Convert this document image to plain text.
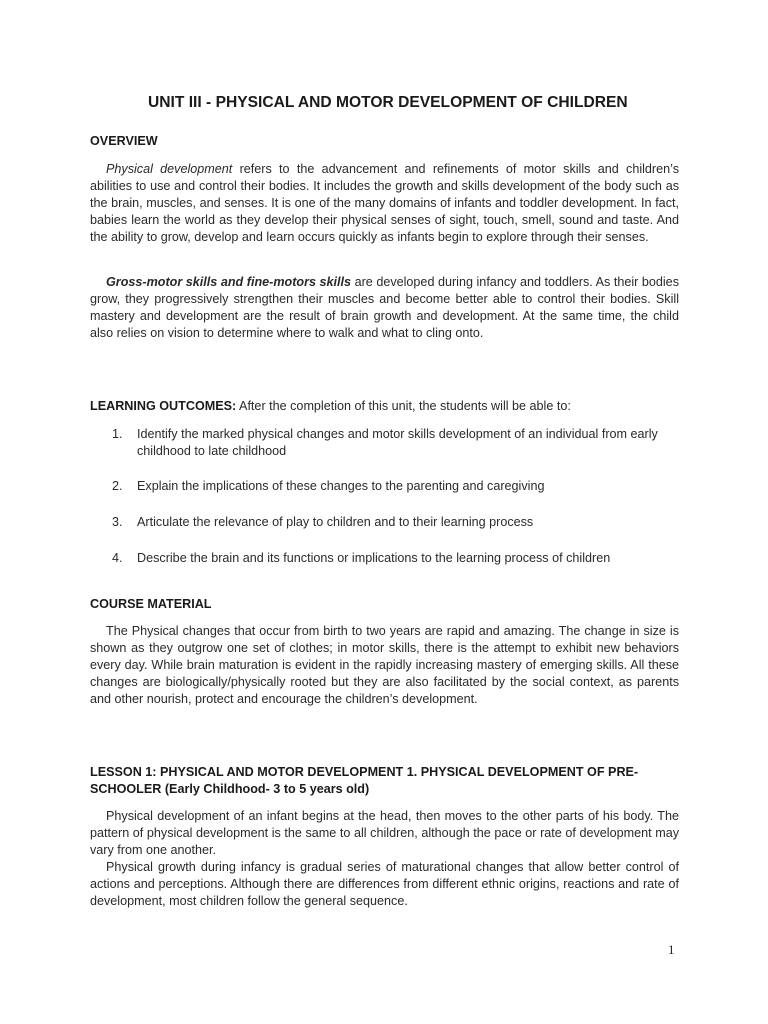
UNIT III - PHYSICAL AND MOTOR DEVELOPMENT OF CHILDREN
OVERVIEW
Physical development refers to the advancement and refinements of motor skills and children’s abilities to use and control their bodies. It includes the growth and skills development of the body such as the brain, muscles, and senses. It is one of the many domains of infants and toddler development. In fact, babies learn the world as they develop their physical senses of sight, touch, smell, sound and taste. And the ability to grow, develop and learn occurs quickly as infants begin to explore through their senses.
Gross-motor skills and fine-motors skills are developed during infancy and toddlers. As their bodies grow, they progressively strengthen their muscles and become better able to control their bodies. Skill mastery and development are the result of brain growth and development. At the same time, the child also relies on vision to determine where to walk and what to cling onto.
LEARNING OUTCOMES: After the completion of this unit, the students will be able to:
1. Identify the marked physical changes and motor skills development of an individual from early childhood to late childhood
2. Explain the implications of these changes to the parenting and caregiving
3. Articulate the relevance of play to children and to their learning process
4. Describe the brain and its functions or implications to the learning process of children
COURSE MATERIAL
The Physical changes that occur from birth to two years are rapid and amazing. The change in size is shown as they outgrow one set of clothes; in motor skills, there is the attempt to exhibit new behaviors every day. While brain maturation is evident in the rapidly increasing mastery of emerging skills. All these changes are biologically/physically rooted but they are also facilitated by the social context, as parents and other nourish, protect and encourage the children’s development.
LESSON 1: PHYSICAL AND MOTOR DEVELOPMENT 1. PHYSICAL DEVELOPMENT OF PRE-SCHOOLER (Early Childhood- 3 to 5 years old)
Physical development of an infant begins at the head, then moves to the other parts of his body. The pattern of physical development is the same to all children, although the pace or rate of development may vary from one another.
Physical growth during infancy is gradual series of maturational changes that allow better control of actions and perceptions. Although there are differences from different ethnic origins, reactions and rate of development, most children follow the general sequence.
1
